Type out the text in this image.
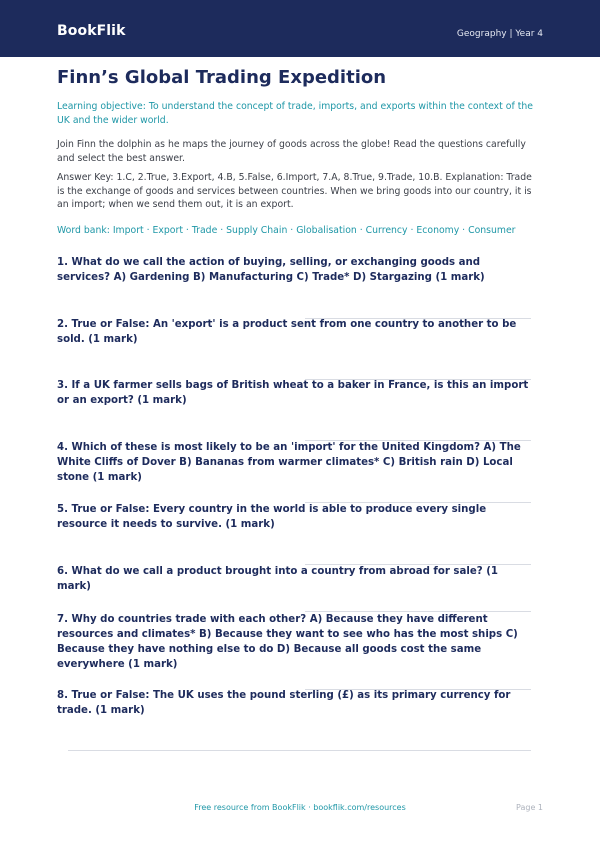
BookFlik	Geography | Year 4
Finn’s Global Trading Expedition
Learning objective: To understand the concept of trade, imports, and exports within the context of the UK and the wider world.
Join Finn the dolphin as he maps the journey of goods across the globe! Read the questions carefully and select the best answer.
Answer Key: 1.C, 2.True, 3.Export, 4.B, 5.False, 6.Import, 7.A, 8.True, 9.Trade, 10.B. Explanation: Trade is the exchange of goods and services between countries. When we bring goods into our country, it is an import; when we send them out, it is an export.
Word bank: Import · Export · Trade · Supply Chain · Globalisation · Currency · Economy · Consumer
1. What do we call the action of buying, selling, or exchanging goods and services? A) Gardening B) Manufacturing C) Trade* D) Stargazing (1 mark)
2. True or False: An 'export' is a product sent from one country to another to be sold. (1 mark)
3. If a UK farmer sells bags of British wheat to a baker in France, is this an import or an export? (1 mark)
4. Which of these is most likely to be an 'import' for the United Kingdom? A) The White Cliffs of Dover B) Bananas from warmer climates* C) British rain D) Local stone (1 mark)
5. True or False: Every country in the world is able to produce every single resource it needs to survive. (1 mark)
6. What do we call a product brought into a country from abroad for sale? (1 mark)
7. Why do countries trade with each other? A) Because they have different resources and climates* B) Because they want to see who has the most ships C) Because they have nothing else to do D) Because all goods cost the same everywhere (1 mark)
8. True or False: The UK uses the pound sterling (£) as its primary currency for trade. (1 mark)
Free resource from BookFlik · bookflik.com/resources	Page 1
